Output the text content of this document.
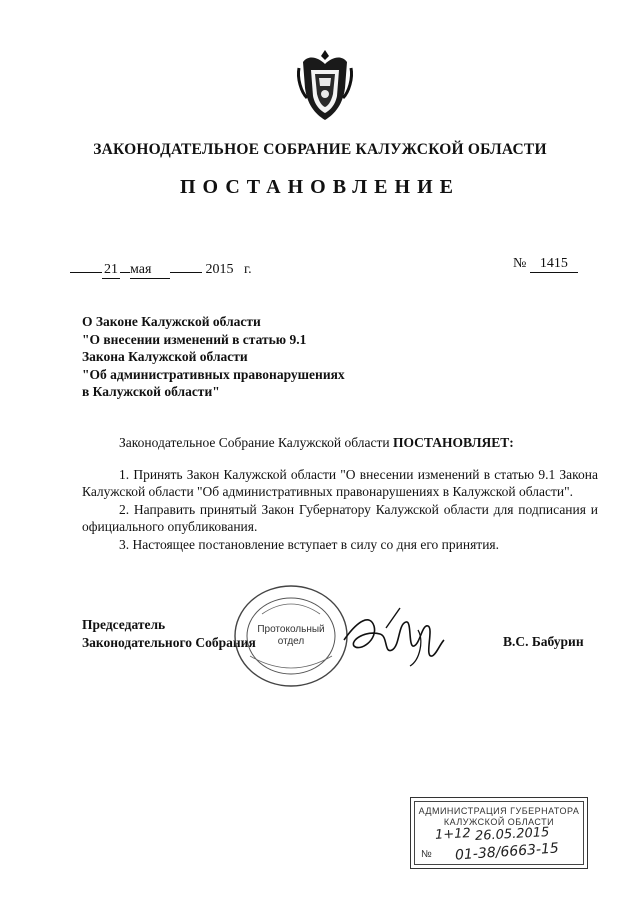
ЗАКОНОДАТЕЛЬНОЕ СОБРАНИЕ КАЛУЖСКОЙ ОБЛАСТИ
ПОСТАНОВЛЕНИЕ
21 мая	2015 г.	№ 1415
О Законе Калужской области
"О внесении изменений в статью 9.1
Закона Калужской области
"Об административных правонарушениях
в Калужской области"
Законодательное Собрание Калужской области ПОСТАНОВЛЯЕТ:
1. Принять Закон Калужской области "О внесении изменений в статью 9.1 Закона Калужской области "Об административных правонарушениях в Калужской области".
2. Направить принятый Закон Губернатору Калужской области для подписания и официального опубликования.
3. Настоящее постановление вступает в силу со дня его принятия.
Председатель
Законодательного Собрания	В.С. Бабурин
Протокольный
отдел
АДМИНИСТРАЦИЯ ГУБЕРНАТОРА
КАЛУЖСКОЙ ОБЛАСТИ
1+12 26.05.2015
№ 01-38/6663-15
